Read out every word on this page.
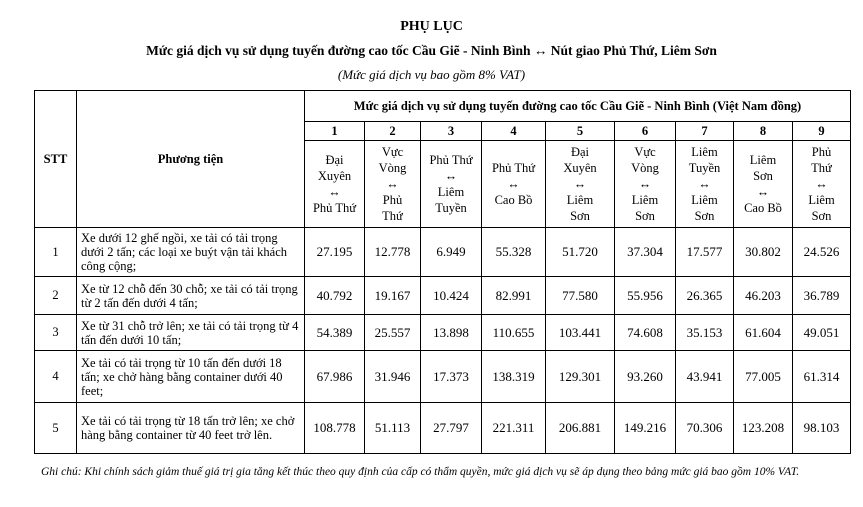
PHỤ LỤC
Mức giá dịch vụ sử dụng tuyến đường cao tốc Cầu Giẽ - Ninh Bình ↔ Nút giao Phủ Thứ, Liêm Sơn
(Mức giá dịch vụ bao gồm 8% VAT)
STT	Phương tiện	Mức giá dịch vụ sử dụng tuyến đường cao tốc Cầu Giẽ - Ninh Bình (Việt Nam đồng)								
		1	2	3	4	5	6	7	8	9

		Đại
Xuyên
↔
Phủ Thứ	Vực
Vòng
↔
Phủ
Thứ	Phủ Thứ
↔
Liêm
Tuyền	Phủ Thứ
↔
Cao Bồ	Đại
Xuyên
↔
Liêm
Sơn	Vực
Vòng
↔
Liêm
Sơn	Liêm
Tuyền
↔
Liêm
Sơn	Liêm
Sơn
↔
Cao Bồ	Phủ
Thứ
↔
Liêm
Sơn

1	Xe dưới 12 ghế ngồi, xe tải có tải trọng dưới 2 tấn; các loại xe buýt vận tải khách công cộng;	27.195	12.778	6.949	55.328	51.720	37.304	17.577	30.802	24.526
2	Xe từ 12 chỗ đến 30 chỗ; xe tải có tải trọng từ 2 tấn đến dưới 4 tấn;	40.792	19.167	10.424	82.991	77.580	55.956	26.365	46.203	36.789
3	Xe từ 31 chỗ trở lên; xe tải có tải trọng từ 4 tấn đến dưới 10 tấn;	54.389	25.557	13.898	110.655	103.441	74.608	35.153	61.604	49.051
4	Xe tải có tải trọng từ 10 tấn đến dưới 18 tấn; xe chở hàng bằng container dưới 40 feet;	67.986	31.946	17.373	138.319	129.301	93.260	43.941	77.005	61.314
5	Xe tải có tải trọng từ 18 tấn trở lên; xe chở hàng bằng container từ 40 feet trở lên.	108.778	51.113	27.797	221.311	206.881	149.216	70.306	123.208	98.103
Ghi chú: Khi chính sách giảm thuế giá trị gia tăng kết thúc theo quy định của cấp có thẩm quyền, mức giá dịch vụ sẽ áp dụng theo bảng mức giá bao gồm 10% VAT.
